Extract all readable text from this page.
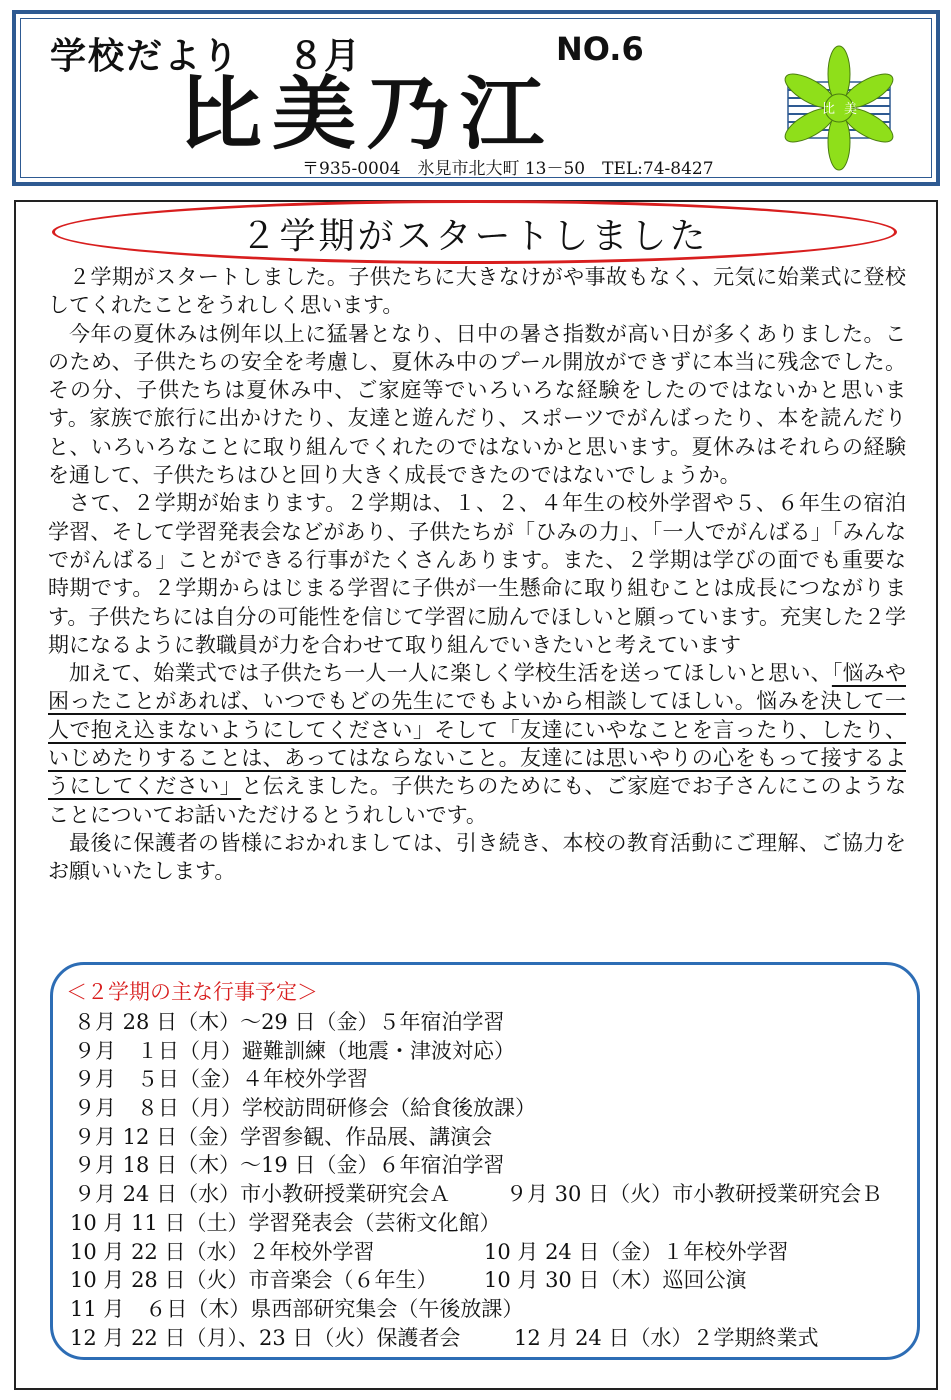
学校だより ８月	NO.6
比美乃江
〒935-0004　氷見市北大町 13－50　TEL:74-8427
比 美
２学期がスタートしました

２学期がスタートしました。子供たちに大きなけがや事故もなく、元気に始業式に登校してくれたことをうれしく思います。

今年の夏休みは例年以上に猛暑となり、日中の暑さ指数が高い日が多くありました。このため、子供たちの安全を考慮し、夏休み中のプール開放ができずに本当に残念でした。その分、子供たちは夏休み中、ご家庭等でいろいろな経験をしたのではないかと思います。家族で旅行に出かけたり、友達と遊んだり、スポーツでがんばったり、本を読んだりと、いろいろなことに取り組んでくれたのではないかと思います。夏休みはそれらの経験を通して、子供たちはひと回り大きく成長できたのではないでしょうか。

さて、２学期が始まります。２学期は、１、２、４年生の校外学習や５、６年生の宿泊学習、そして学習発表会などがあり、子供たちが「ひみの力」、「一人でがんばる」「みんなでがんばる」ことができる行事がたくさんあります。また、２学期は学びの面でも重要な時期です。２学期からはじまる学習に子供が一生懸命に取り組むことは成長につながります。子供たちには自分の可能性を信じて学習に励んでほしいと願っています。充実した２学期になるように教職員が力を合わせて取り組んでいきたいと考えています

加えて、始業式では子供たち一人一人に楽しく学校生活を送ってほしいと思い、「悩みや困ったことがあれば、いつでもどの先生にでもよいから相談してほしい。悩みを決して一人で抱え込まないようにしてください」そして「友達にいやなことを言ったり、したり、いじめたりすることは、あってはならないこと。友達には思いやりの心をもって接するようにしてください」と伝えました。子供たちのためにも、ご家庭でお子さんにこのようなことについてお話いただけるとうれしいです。

最後に保護者の皆様におかれましては、引き続き、本校の教育活動にご理解、ご協力をお願いいたします。

＜２学期の主な行事予定＞
８月 28 日（木）～29 日（金）５年宿泊学習
９月　１日（月）避難訓練（地震・津波対応）
９月　５日（金）４年校外学習
９月　８日（月）学校訪問研修会（給食後放課）
９月 12 日（金）学習参観、作品展、講演会
９月 18 日（木）～19 日（金）６年宿泊学習
９月 24 日（水）市小教研授業研究会Ａ	９月 30 日（火）市小教研授業研究会Ｂ
10 月 11 日（土）学習発表会（芸術文化館）
10 月 22 日（水）２年校外学習	10 月 24 日（金）１年校外学習
10 月 28 日（火）市音楽会（６年生） 10 月 30 日（木）巡回公演
11 月　６日（木）県西部研究集会（午後放課）
12 月 22 日（月）、23 日（火）保護者会	12 月 24 日（水）２学期終業式
